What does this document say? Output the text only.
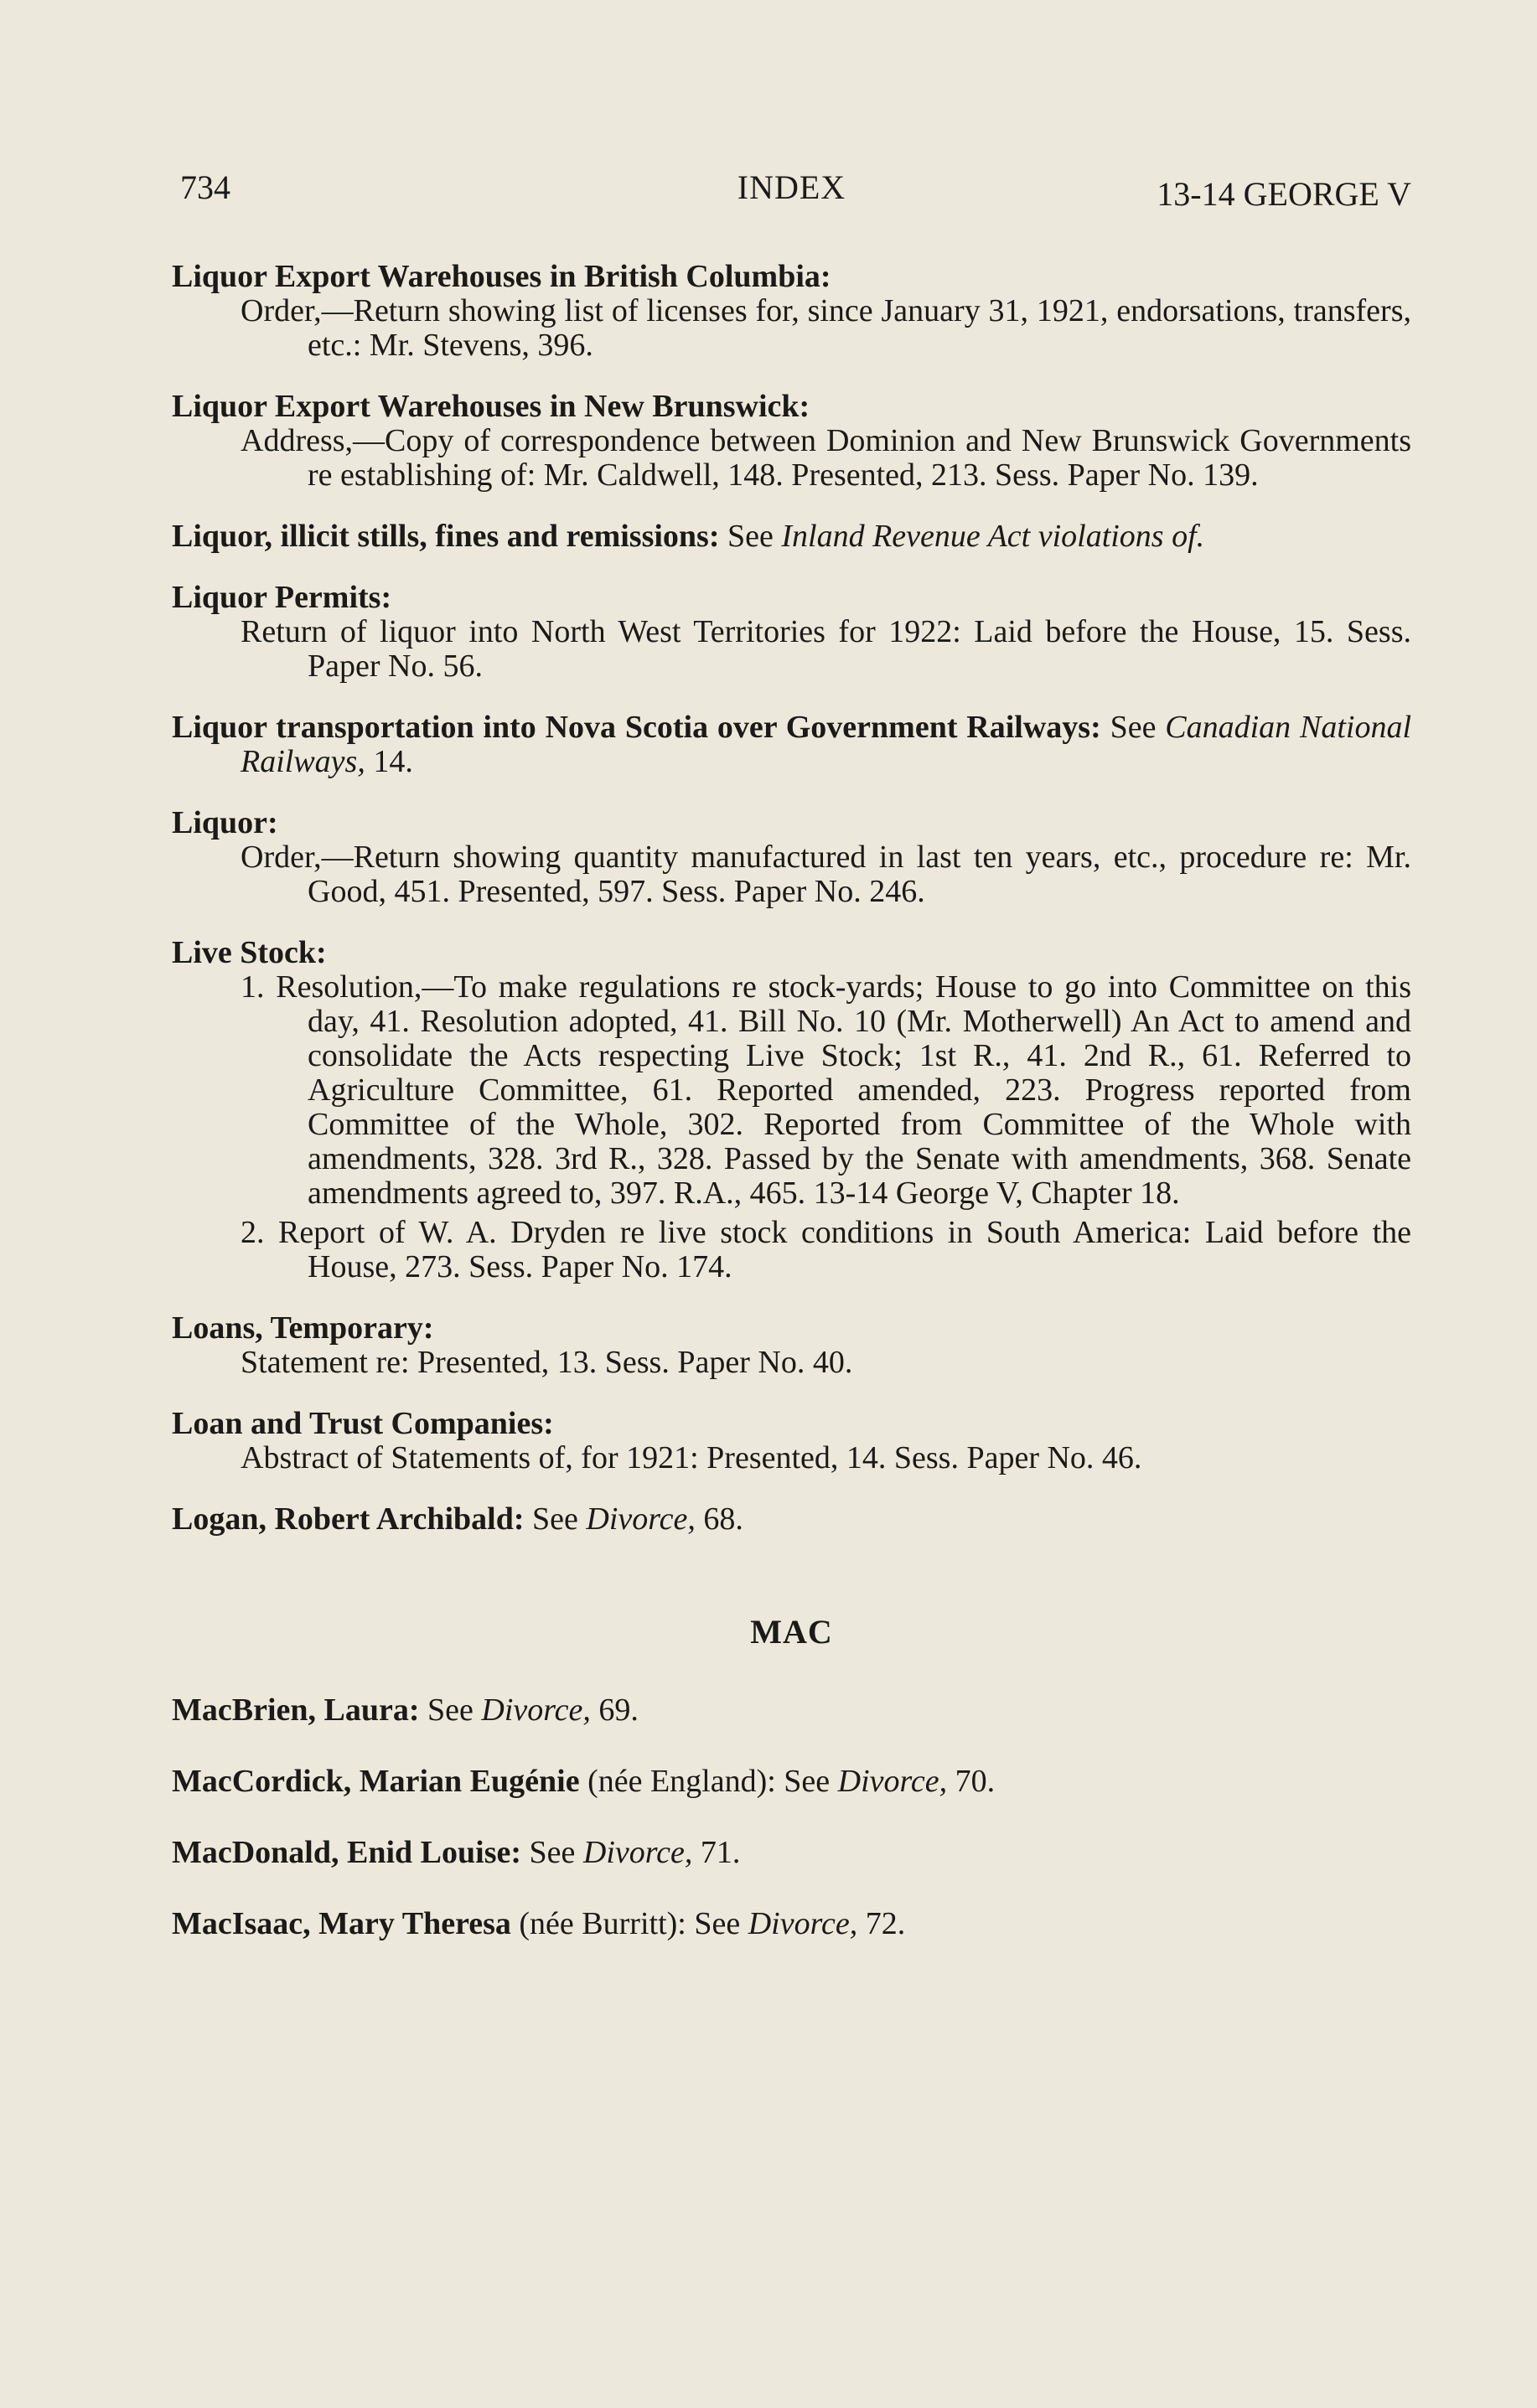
734	INDEX	13-14 GEORGE V
Liquor Export Warehouses in British Columbia:
Order,—Return showing list of licenses for, since January 31, 1921, endorsations, transfers, etc.: Mr. Stevens, 396.
Liquor Export Warehouses in New Brunswick:
Address,—Copy of correspondence between Dominion and New Brunswick Governments re establishing of: Mr. Caldwell, 148. Presented, 213. Sess. Paper No. 139.
Liquor, illicit stills, fines and remissions: See Inland Revenue Act violations of.
Liquor Permits:
Return of liquor into North West Territories for 1922: Laid before the House, 15. Sess. Paper No. 56.
Liquor transportation into Nova Scotia over Government Railways: See Canadian National Railways, 14.
Liquor:
Order,—Return showing quantity manufactured in last ten years, etc., procedure re: Mr. Good, 451. Presented, 597. Sess. Paper No. 246.
Live Stock:
1. Resolution,—To make regulations re stock-yards; House to go into Committee on this day, 41. Resolution adopted, 41. Bill No. 10 (Mr. Motherwell) An Act to amend and consolidate the Acts respecting Live Stock; 1st R., 41. 2nd R., 61. Referred to Agriculture Committee, 61. Reported amended, 223. Progress reported from Committee of the Whole, 302. Reported from Committee of the Whole with amendments, 328. 3rd R., 328. Passed by the Senate with amendments, 368. Senate amendments agreed to, 397. R.A., 465. 13-14 George V, Chapter 18.
2. Report of W. A. Dryden re live stock conditions in South America: Laid before the House, 273. Sess. Paper No. 174.
Loans, Temporary:
Statement re: Presented, 13. Sess. Paper No. 40.
Loan and Trust Companies:
Abstract of Statements of, for 1921: Presented, 14. Sess. Paper No. 46.
Logan, Robert Archibald: See Divorce, 68.
MAC
MacBrien, Laura: See Divorce, 69.
MacCordick, Marian Eugénie (née England): See Divorce, 70.
MacDonald, Enid Louise: See Divorce, 71.
MacIsaac, Mary Theresa (née Burritt): See Divorce, 72.
